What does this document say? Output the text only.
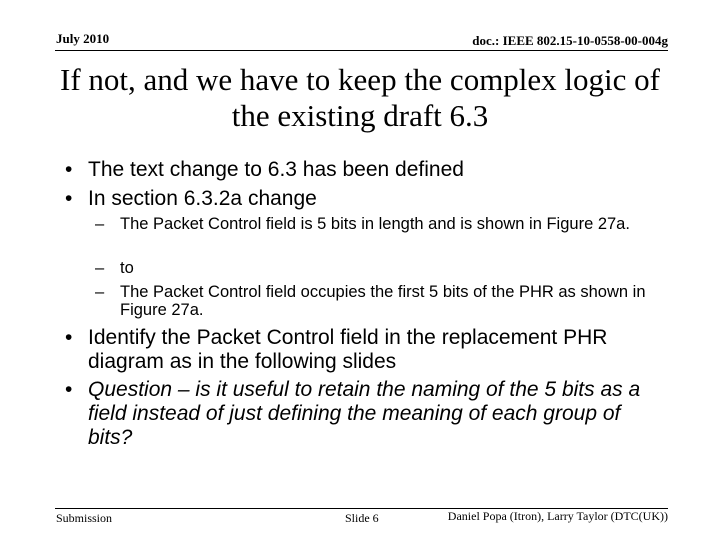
July 2010	doc.: IEEE 802.15-10-0558-00-004g
If not, and we have to keep the complex logic of the existing draft 6.3
• The text change to 6.3 has been defined
• In section 6.3.2a change
– The Packet Control field is 5 bits in length and is shown in Figure 27a.
– to
– The Packet Control field occupies the first 5 bits of the PHR as shown in Figure 27a.
• Identify the Packet Control field in the replacement PHR diagram as in the following slides
• Question – is it useful to retain the naming of the 5 bits as a field instead of just defining the meaning of each group of bits?
Submission	Slide 6	Daniel Popa (Itron), Larry Taylor (DTC(UK))
